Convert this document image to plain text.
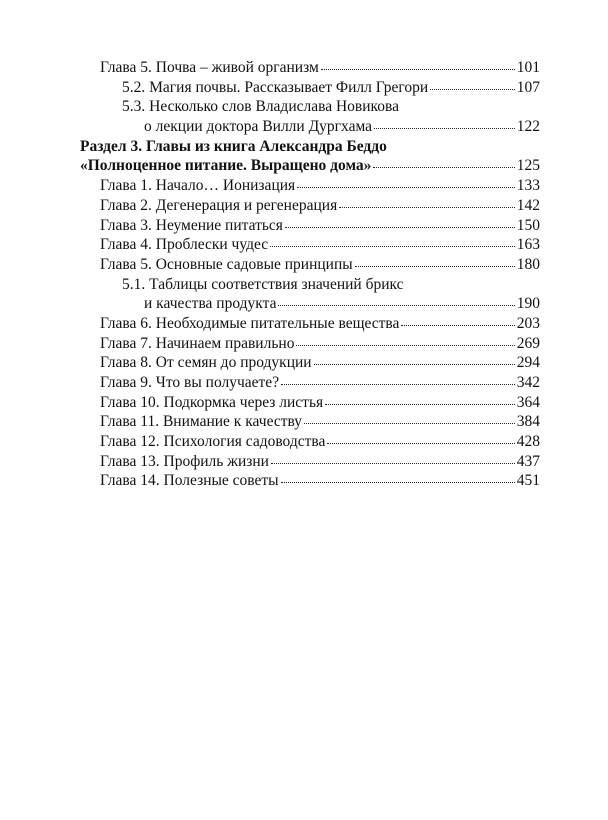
Глава 5. Почва – живой организм	101
5.2. Магия почвы. Рассказывает Филл Грегори	107
5.3. Несколько слов Владислава Новикова
о лекции доктора Вилли Дургхама	122
Раздел 3. Главы из книга Александра Беддо
«Полноценное питание. Выращено дома»	125
Глава 1. Начало… Ионизация	133
Глава 2. Дегенерация и регенерация	142
Глава 3. Неумение питаться	150
Глава 4. Проблески чудес	163
Глава 5. Основные садовые принципы	180
5.1. Таблицы соответствия значений брикс
и качества продукта	190
Глава 6. Необходимые питательные вещества	203
Глава 7. Начинаем правильно	269
Глава 8. От семян до продукции	294
Глава 9. Что вы получаете?	342
Глава 10. Подкормка через листья	364
Глава 11. Внимание к качеству	384
Глава 12. Психология садоводства	428
Глава 13. Профиль жизни	437
Глава 14. Полезные советы	451
